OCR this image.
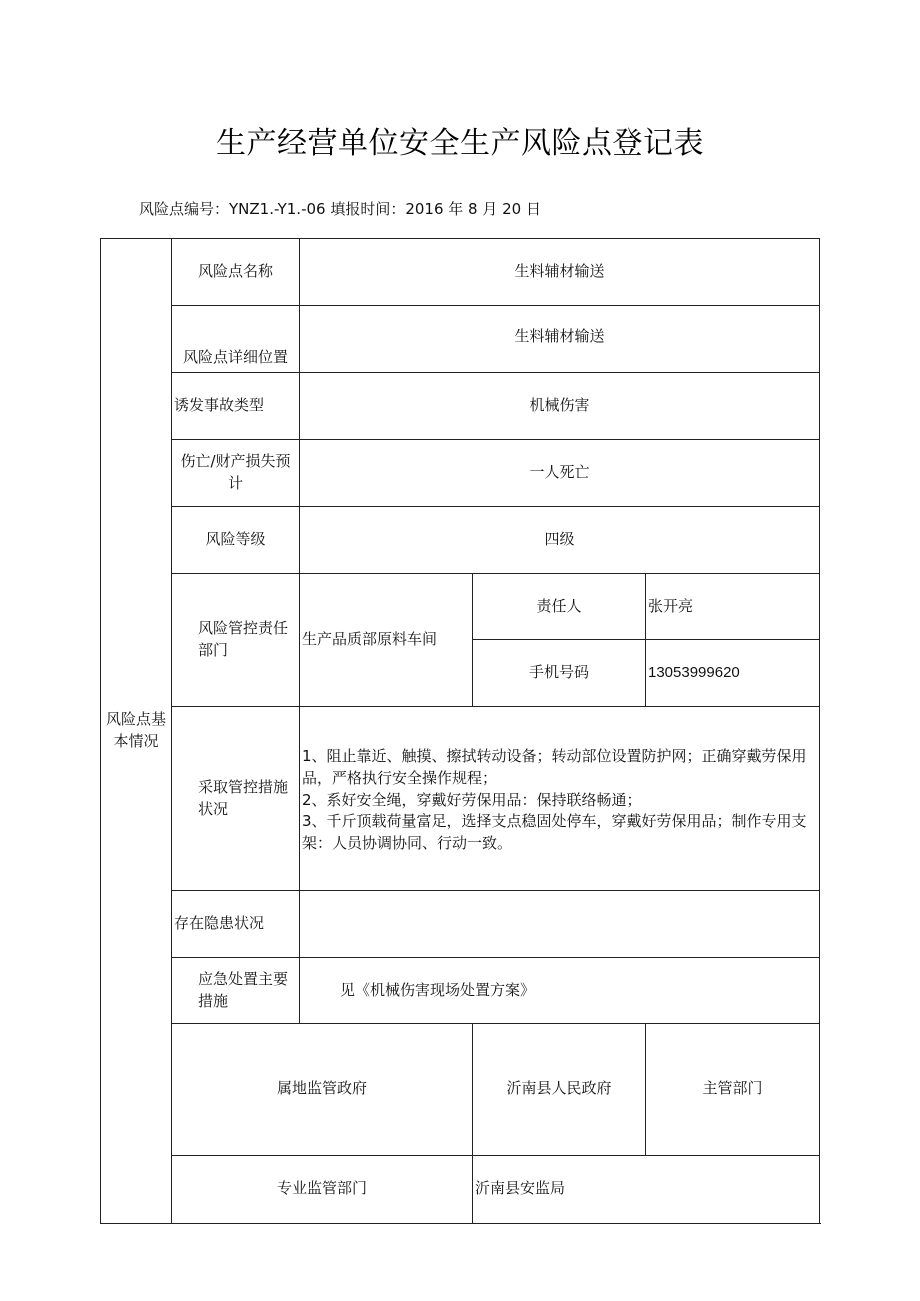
生产经营单位安全生产风险点登记表
风险点编号：YNZ1.-Y1.-06 填报时间：2016 年 8 月 20 日
风险点基本情况	风险点名称	生料辅材输送			
	风险点详细位置	生料辅材输送			
	诱发事故类型	机械伤害			
	伤亡/财产损失预计	一人死亡			
	风险等级	四级			
	风险管控责任部门	生产品质部原料车间	责任人	张开亮	
			手机号码	13053999620	
	采取管控措施状况	1、阻止靠近、触摸、擦拭转动设备；转动部位设置防护网；正确穿戴劳保用品，严格执行安全操作规程；
2、系好安全绳，穿戴好劳保用品：保持联络畅通；
3、千斤顶载荷量富足，选择支点稳固处停车，穿戴好劳保用品；制作专用支架：人员协调协同、行动一致。			

	存在隐患状况				
	应急处置主要措施	见《机械伤害现场处置方案》			
	属地监管政府		沂南县人民政府	主管部门	
	专业监管部门		沂南县安监局		
